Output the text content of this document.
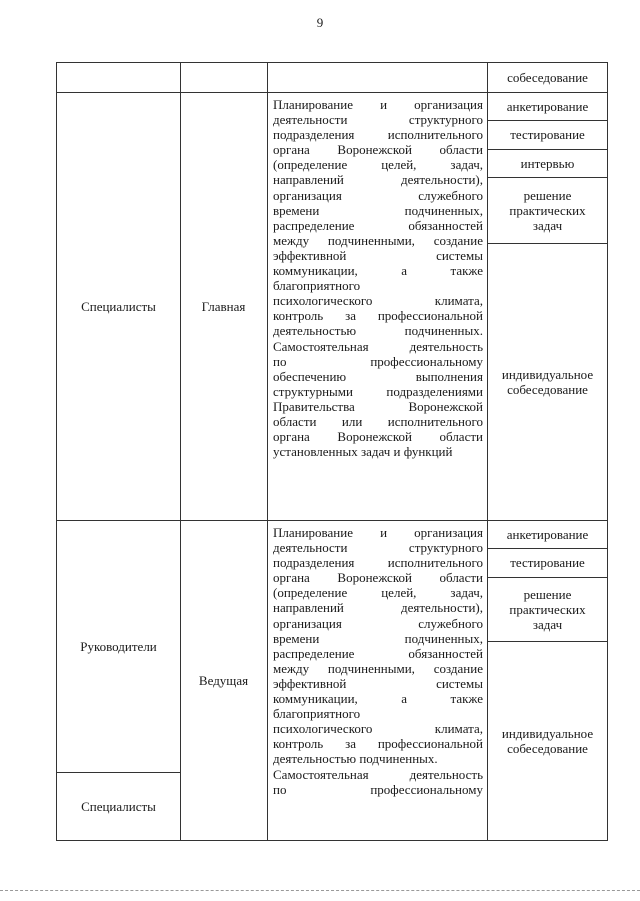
9
собеседование
Специалисты	Главная
Планирование и организация
деятельности структурного
подразделения исполнительного
органа Воронежской области
(определение целей, задач,
направлений деятельности),
организация служебного
времени подчиненных,
распределение обязанностей
между подчиненными, создание
эффективной системы
коммуникации, а также
благоприятного
психологического климата,
контроль за профессиональной
деятельностью подчиненных.
Самостоятельная деятельность
по профессиональному
обеспечению выполнения
структурными подразделениями
Правительства Воронежской
области или исполнительного
органа Воронежской области
установленных задач и функций
анкетирование
тестирование
интервью
решение практических задач
индивидуальное собеседование
Руководители
Специалисты
Ведущая
Планирование и организация
деятельности структурного
подразделения исполнительного
органа Воронежской области
(определение целей, задач,
направлений деятельности),
организация служебного
времени подчиненных,
распределение обязанностей
между подчиненными, создание
эффективной системы
коммуникации, а также
благоприятного
психологического климата,
контроль за профессиональной
деятельностью подчиненных.
Самостоятельная деятельность
по профессиональному
анкетирование
тестирование
решение практических задач
индивидуальное собеседование
